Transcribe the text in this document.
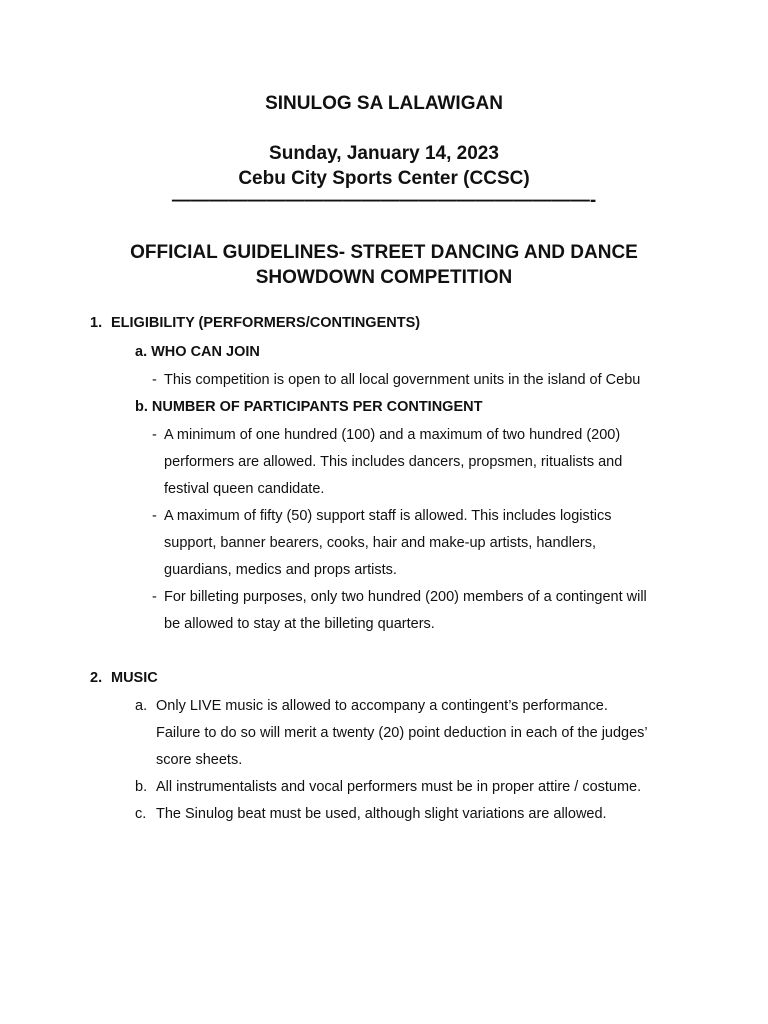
SINULOG SA LALAWIGAN

Sunday, January 14, 2023

Cebu City Sports Center (CCSC)

——————————————————————-

OFFICIAL GUIDELINES- STREET DANCING AND DANCE
SHOWDOWN COMPETITION

1. ELIGIBILITY (PERFORMERS/CONTINGENTS)

a. WHO CAN JOIN

- This competition is open to all local government units in the island of Cebu

b. NUMBER OF PARTICIPANTS PER CONTINGENT

- A minimum of one hundred (100) and a maximum of two hundred (200)

performers are allowed. This includes dancers, propsmen, ritualists and

festival queen candidate.

- A maximum of fifty (50) support staff is allowed. This includes logistics

support, banner bearers, cooks, hair and make-up artists, handlers,

guardians, medics and props artists.

- For billeting purposes, only two hundred (200) members of a contingent will

be allowed to stay at the billeting quarters.

2. MUSIC

a. Only LIVE music is allowed to accompany a contingent’s performance.

Failure to do so will merit a twenty (20) point deduction in each of the judges’

score sheets.

b. All instrumentalists and vocal performers must be in proper attire / costume.

c. The Sinulog beat must be used, although slight variations are allowed.
